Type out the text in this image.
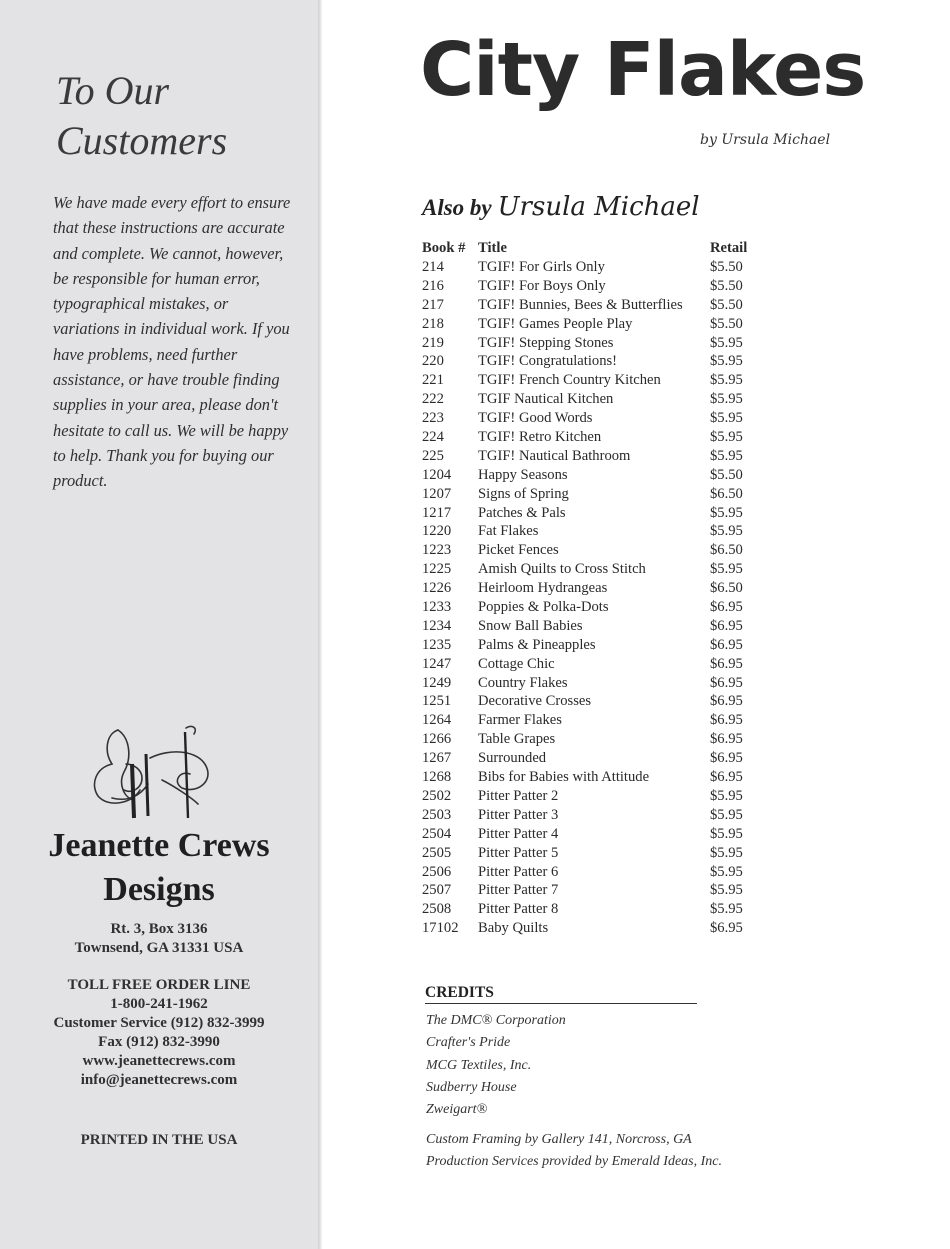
To Our
Customers
We have made every effort to ensure that these instructions are accurate and complete. We cannot, however, be responsible for human error, typographical mistakes, or variations in individual work. If you have problems, need further assistance, or have trouble finding supplies in your area, please don't hesitate to call us. We will be happy to help. Thank you for buying our product.
Jeanette Crews
Designs
Rt. 3, Box 3136
Townsend, GA 31331 USA
TOLL FREE ORDER LINE
1-800-241-1962
Customer Service (912) 832-3999
Fax (912) 832-3990
www.jeanettecrews.com
info@jeanettecrews.com
PRINTED IN THE USA
City Flakes
by Ursula Michael
Also by Ursula Michael
Book #	Title	Retail
214	TGIF! For Girls Only	$5.50
216	TGIF! For Boys Only	$5.50
217	TGIF! Bunnies, Bees & Butterflies	$5.50
218	TGIF! Games People Play	$5.50
219	TGIF! Stepping Stones	$5.95
220	TGIF! Congratulations!	$5.95
221	TGIF! French Country Kitchen	$5.95
222	TGIF Nautical Kitchen	$5.95
223	TGIF! Good Words	$5.95
224	TGIF! Retro Kitchen	$5.95
225	TGIF! Nautical Bathroom	$5.95
1204	Happy Seasons	$5.50
1207	Signs of Spring	$6.50
1217	Patches & Pals	$5.95
1220	Fat Flakes	$5.95
1223	Picket Fences	$6.50
1225	Amish Quilts to Cross Stitch	$5.95
1226	Heirloom Hydrangeas	$6.50
1233	Poppies & Polka-Dots	$6.95
1234	Snow Ball Babies	$6.95
1235	Palms & Pineapples	$6.95
1247	Cottage Chic	$6.95
1249	Country Flakes	$6.95
1251	Decorative Crosses	$6.95
1264	Farmer Flakes	$6.95
1266	Table Grapes	$6.95
1267	Surrounded	$6.95
1268	Bibs for Babies with Attitude	$6.95
2502	Pitter Patter 2	$5.95
2503	Pitter Patter 3	$5.95
2504	Pitter Patter 4	$5.95
2505	Pitter Patter 5	$5.95
2506	Pitter Patter 6	$5.95
2507	Pitter Patter 7	$5.95
2508	Pitter Patter 8	$5.95
17102	Baby Quilts	$6.95
CREDITS
The DMC® Corporation
Crafter's Pride
MCG Textiles, Inc.
Sudberry House
Zweigart®
Custom Framing by Gallery 141, Norcross, GA
Production Services provided by Emerald Ideas, Inc.
